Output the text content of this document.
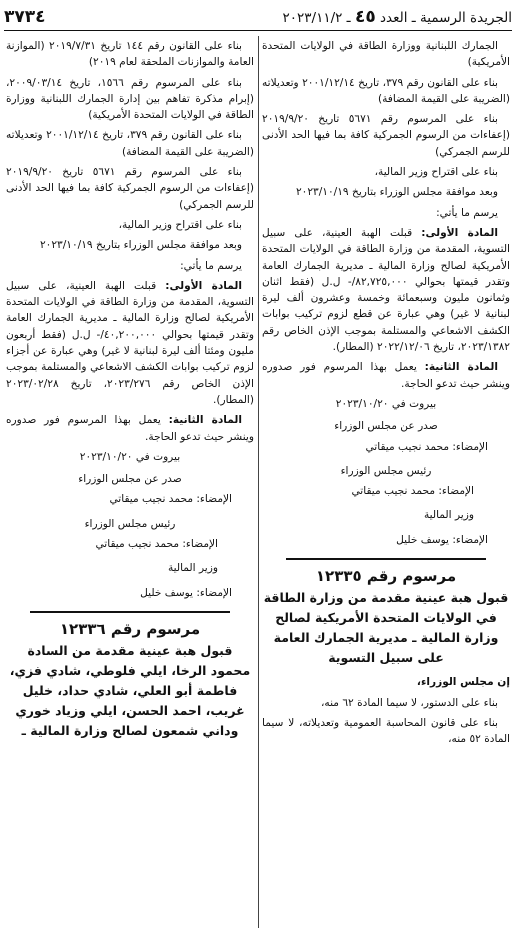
٣٧٣٤	الجريدة الرسمية ـ العدد ٤٥ ـ ٢٠٢٣/١١/٢

الجمارك اللبنانية ووزارة الطاقة في الولايات المتحدة الأمريكية)

بناء على القانون رقم ٣٧٩، تاريخ ٢٠٠١/١٢/١٤ وتعديلاته (الضريبة على القيمة المضافة)

بناء على المرسوم رقم ٥٦٧١ تاريخ ٢٠١٩/٩/٢٠ (إعفاءات من الرسوم الجمركية كافة بما فيها الحد الأدنى للرسم الجمركي)

بناء على اقتراح وزير المالية،

وبعد موافقة مجلس الوزراء بتاريخ ٢٠٢٣/١٠/١٩

يرسم ما يأتي:

المادة الأولى: قبلت الهبة العينية، على سبيل التسوية، المقدمة من وزارة الطاقة في الولايات المتحدة الأمريكية لصالح وزارة المالية ـ مديرية الجمارك العامة وتقدر قيمتها بحوالي ٨٢,٧٢٥,٠٠٠/- ل.ل (فقط اثنان وثمانون مليون وسبعمائة وخمسة وعشرون ألف ليرة لبنانية لا غير) وهي عبارة عن قطع لزوم تركيب بوابات الكشف الاشعاعي والمستلمة بموجب الإذن الخاص رقم ٢٠٢٣/١٣٨٢، تاريخ ٢٠٢٢/١٢/٠٦ (المطار).

المادة الثانية: يعمل بهذا المرسوم فور صدوره وينشر حيث تدعو الحاجة.

بيروت في ٢٠٢٣/١٠/٢٠

صدر عن مجلس الوزراء

الإمضاء: محمد نجيب ميقاتي

رئيس مجلس الوزراء

الإمضاء: محمد نجيب ميقاتي

وزير المالية

الإمضاء: يوسف خليل

مرسوم رقم ١٢٣٣٥
قبول هبة عينية مقدمة من وزارة الطاقة في الولايات المتحدة الأمريكية لصالح وزارة المالية ـ مديرية الجمارك العامة على سبيل التسوية

إن مجلس الوزراء،

بناء على الدستور، لا سيما المادة ٦٢ منه،

بناء على قانون المحاسبة العمومية وتعديلاته، لا سيما المادة ٥٢ منه،

بناء على القانون رقم ١٤٤ تاريخ ٢٠١٩/٧/٣١ (الموازنة العامة والموازنات الملحقة لعام ٢٠١٩)

بناء على المرسوم رقم ١٥٦٦، تاريخ ٢٠٠٩/٠٣/١٤، (إبرام مذكرة تفاهم بين إدارة الجمارك اللبنانية ووزارة الطاقة في الولايات المتحدة الأمريكية)

بناء على القانون رقم ٣٧٩، تاريخ ٢٠٠١/١٢/١٤ وتعديلاته (الضريبة على القيمة المضافة)

بناء على المرسوم رقم ٥٦٧١ تاريخ ٢٠١٩/٩/٢٠ (إعفاءات من الرسوم الجمركية كافة بما فيها الحد الأدنى للرسم الجمركي)

بناء على اقتراح وزير المالية،

وبعد موافقة مجلس الوزراء بتاريخ ٢٠٢٣/١٠/١٩

يرسم ما يأتي:

المادة الأولى: قبلت الهبة العينية، على سبيل التسوية، المقدمة من وزارة الطاقة في الولايات المتحدة الأمريكية لصالح وزارة المالية ـ مديرية الجمارك العامة وتقدر قيمتها بحوالي ٤٠,٢٠٠,٠٠٠/- ل.ل (فقط أربعون مليون ومئتا ألف ليرة لبنانية لا غير) وهي عبارة عن أجزاء لزوم تركيب بوابات الكشف الاشعاعي والمستلمة بموجب الإذن الخاص رقم ٢٠٢٣/٢٧٦، تاريخ ٢٠٢٣/٠٢/٢٨ (المطار).

المادة الثانية: يعمل بهذا المرسوم فور صدوره وينشر حيث تدعو الحاجة.

بيروت في ٢٠٢٣/١٠/٢٠

صدر عن مجلس الوزراء

الإمضاء: محمد نجيب ميقاتي

رئيس مجلس الوزراء

الإمضاء: محمد نجيب ميقاتي

وزير المالية

الإمضاء: يوسف خليل

مرسوم رقم ١٢٣٣٦
قبول هبة عينية مقدمة من السادة محمود الرخا، ايلي فلوطي، شادي فزي، فاطمة أبو العلي، شادي حداد، خليل غريب، احمد الحسن، ايلي وزياد خوري وداني شمعون لصالح وزارة المالية ـ
